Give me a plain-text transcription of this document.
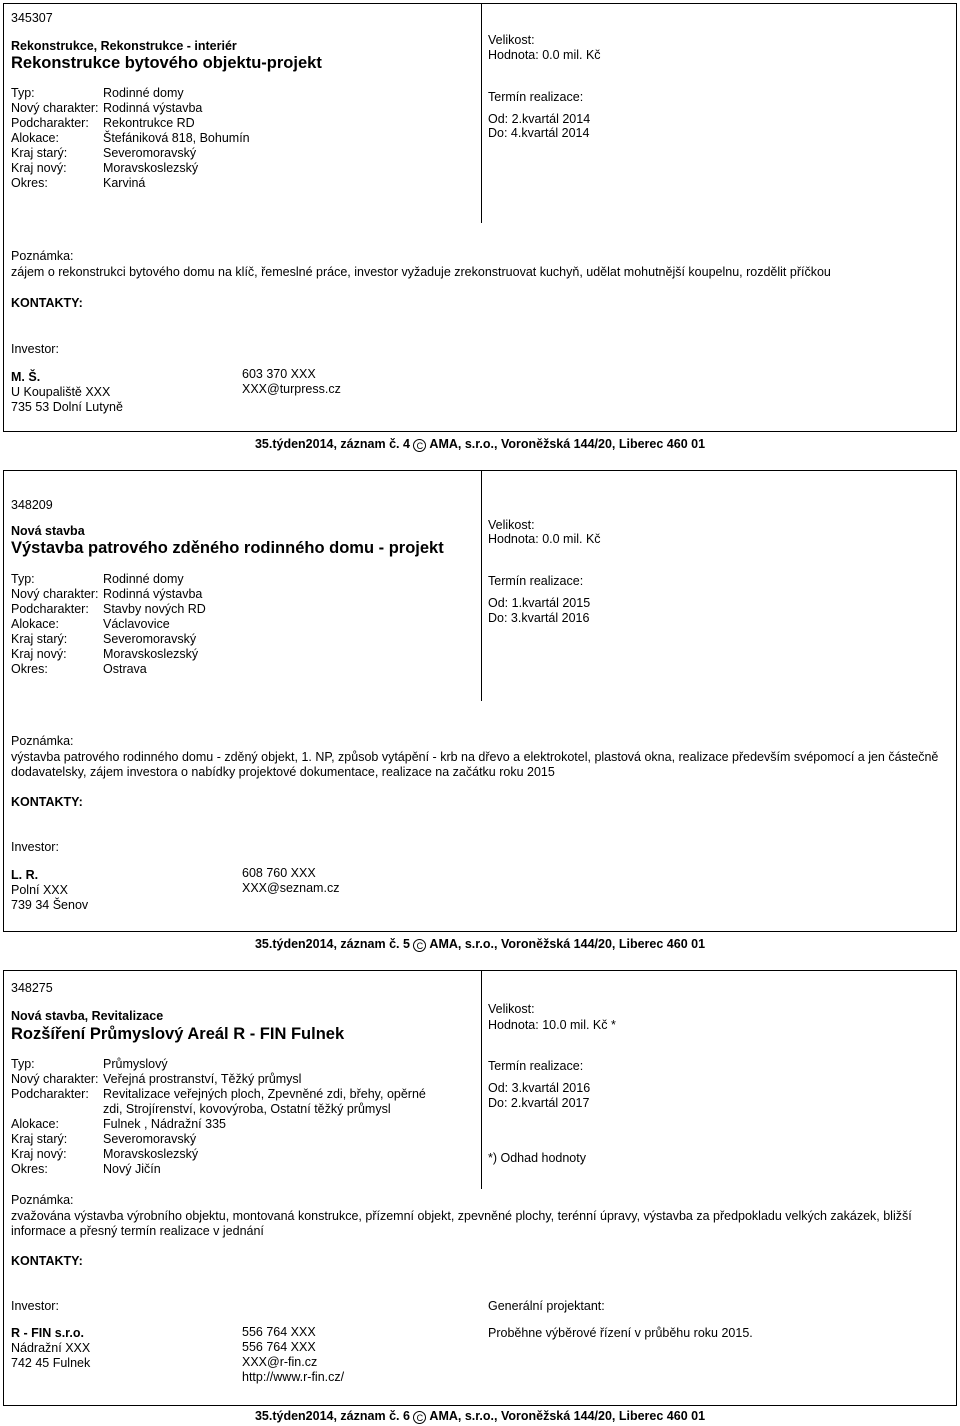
345307
Rekonstrukce, Rekonstrukce - interiér
Rekonstrukce bytového objektu-projekt
Typ:	Rodinné domy
Nový charakter: Rodinná výstavba
Podcharakter:	Rekontrukce RD
Alokace:	Štefániková 818, Bohumín
Kraj starý:	Severomoravský
Kraj nový:	Moravskoslezský
Okres:	Karviná
Velikost:
Hodnota: 0.0 mil. Kč
Termín realizace:
Od: 2.kvartál 2014
Do: 4.kvartál 2014
Poznámka:
zájem o rekonstrukci bytového domu na klíč, řemeslné práce, investor vyžaduje zrekonstruovat kuchyň, udělat mohutnější koupelnu, rozdělit příčkou
KONTAKTY:
Investor:
M. Š.
U Koupaliště XXX
735 53 Dolní Lutyně
603 370 XXX
XXX@turpress.cz
35.týden2014, záznam č. 4 C AMA, s.r.o., Voroněžská 144/20, Liberec 460 01
348209
Nová stavba
Výstavba patrového zděného rodinného domu - projekt
Typ:	Rodinné domy
Nový charakter: Rodinná výstavba
Podcharakter:	Stavby nových RD
Alokace:	Václavovice
Kraj starý:	Severomoravský
Kraj nový:	Moravskoslezský
Okres:	Ostrava
Velikost:
Hodnota: 0.0 mil. Kč
Termín realizace:
Od: 1.kvartál 2015
Do: 3.kvartál 2016
Poznámka:
výstavba patrového rodinného domu - zděný objekt, 1. NP, způsob vytápění - krb na dřevo a elektrokotel, plastová okna, realizace především svépomocí a jen částečně dodavatelsky, zájem investora o nabídky projektové dokumentace, realizace na začátku roku 2015
KONTAKTY:
Investor:
L. R.
Polní XXX
739 34 Šenov
608 760 XXX
XXX@seznam.cz
35.týden2014, záznam č. 5 C AMA, s.r.o., Voroněžská 144/20, Liberec 460 01
348275
Nová stavba, Revitalizace
Rozšíření Průmyslový Areál R - FIN Fulnek
Typ:	Průmyslový
Nový charakter: Veřejná prostranství, Těžký průmysl
Podcharakter:	Revitalizace veřejných ploch, Zpevněné zdi, břehy, opěrné
zdi, Strojírenství, kovovýroba, Ostatní těžký průmysl
Alokace:	Fulnek , Nádražní 335
Kraj starý:	Severomoravský
Kraj nový:	Moravskoslezský
Okres:	Nový Jičín
Velikost:
Hodnota: 10.0 mil. Kč *
Termín realizace:
Od: 3.kvartál 2016
Do: 2.kvartál 2017
*) Odhad hodnoty
Poznámka:
zvažována výstavba výrobního objektu, montovaná konstrukce, přízemní objekt, zpevněné plochy, terénní úpravy, výstavba za předpokladu velkých zakázek, bližší informace a přesný termín realizace v jednání
KONTAKTY:
Investor:
R - FIN s.r.o.
Nádražní XXX
742 45 Fulnek
556 764 XXX
556 764 XXX
XXX@r-fin.cz
http://www.r-fin.cz/
Generální projektant:
Proběhne výběrové řízení v průběhu roku 2015.
35.týden2014, záznam č. 6 C AMA, s.r.o., Voroněžská 144/20, Liberec 460 01
